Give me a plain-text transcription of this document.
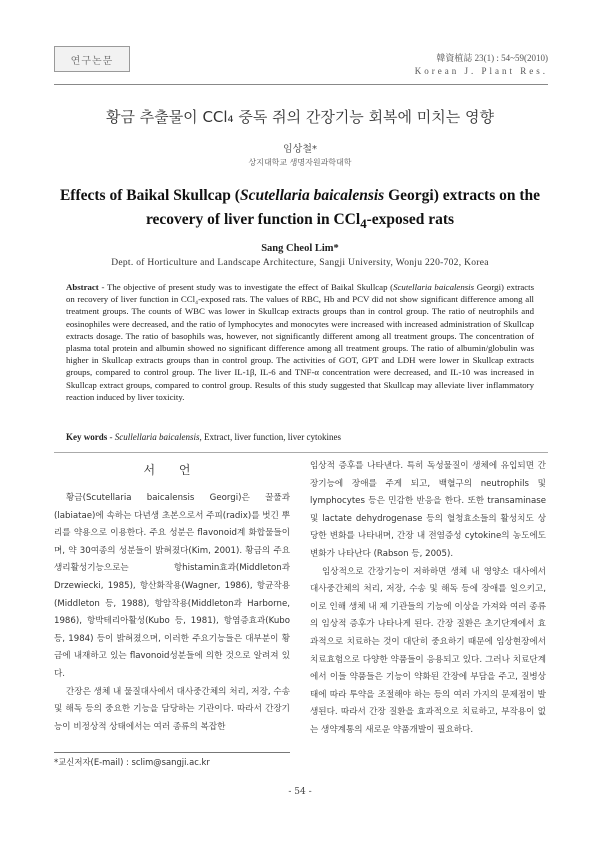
연구논문	韓資植誌 23(1) : 54~59(2010)
Korean J. Plant Res.
황금 추출물이 CCl₄ 중독 쥐의 간장기능 회복에 미치는 영향
임상철*
상지대학교 생명자원과학대학
Effects of Baikal Skullcap (Scutellaria baicalensis Georgi) extracts on the recovery of liver function in CCl$_4$-exposed rats
Sang Cheol Lim*
Dept. of Horticulture and Landscape Architecture, Sangji University, Wonju 220-702, Korea
Abstract - The objective of present study was to investigate the effect of Baikal Skullcap (Scutellaria baicalensis Georgi) extracts on recovery of liver function in CCl₄-exposed rats. The values of RBC, Hb and PCV did not show significant difference among all treatment groups. The counts of WBC was lower in Skullcap extracts groups than in control group. The ratio of neutrophils and eosinophiles were decreased, and the ratio of lymphocytes and monocytes were increased with increased administration of Skullcap extracts dosage. The ratio of basophils was, however, not significantly different among all treatment groups. The concentration of plasma total protein and albumin showed no significant difference among all treatment groups. The ratio of albumin/globulin was higher in Skullcap extracts groups than in control group. The activities of GOT, GPT and LDH were lower in Skullcap extracts groups, compared to control group. The liver IL-1β, IL-6 and TNF-α concentration were decreased, and IL-10 was increased in Skullcap extract groups, compared to control group. Results of this study suggested that Skullcap may alleviate liver inflammatory reaction induced by liver toxicity.
Key words - Scullellaria baicalensis, Extract, liver function, liver cytokines
서 언

황금(Scutellaria baicalensis Georgi)은 꿀풀과(labiatae)에 속하는 다년생 초본으로서 주피(radix)를 벗긴 뿌리를 약용으로 이용한다. 주요 성분은 flavonoid계 화합물들이며, 약 30여종의 성분들이 밝혀졌다(Kim, 2001). 황금의 주요 생리활성기능으로는 항histamin효과(Middleton과 Drzewiecki, 1985), 항산화작용(Wagner, 1986), 항균작용(Middleton 등, 1988), 항암작용(Middleton과 Harborne, 1986), 항박테리아활성(Kubo 등, 1981), 항염증효과(Kubo 등, 1984) 등이 밝혀졌으며, 이러한 주요기능들은 대부분이 황금에 내재하고 있는 flavonoid성분들에 의한 것으로 알려져 있다.

간장은 생체 내 물질대사에서 대사중간체의 처리, 저장, 수송 및 해독 등의 중요한 기능을 담당하는 기관이다. 따라서 간장기능이 비정상적 상태에서는 여러 종류의 복잡한

임상적 증후를 나타낸다. 특히 독성물질이 생체에 유입되면 간장기능에 장애를 주게 되고, 백혈구의 neutrophils 및 lymphocytes 등은 민감한 반응을 한다. 또한 transaminase 및 lactate dehydrogenase 등의 혈청효소들의 활성치도 상당한 변화를 나타내며, 간장 내 전염증성 cytokine의 농도에도 변화가 나타난다 (Rabson 등, 2005).

임상적으로 간장기능이 저하하면 생체 내 영양소 대사에서 대사중간체의 처리, 저장, 수송 및 해독 등에 장애를 일으키고, 이로 인해 생체 내 제 기관들의 기능에 이상을 가져와 여러 종류의 임상적 증후가 나타나게 된다. 간장 질환은 초기단계에서 효과적으로 치료하는 것이 대단히 중요하기 때문에 임상현장에서 치료효험으로 다양한 약품들이 응용되고 있다. 그러나 치료단계에서 이들 약품들은 기능이 약화된 간장에 부담을 주고, 질병상태에 따라 투약을 조절해야 하는 등의 여러 가지의 문제점이 발생된다. 따라서 간장 질환을 효과적으로 치료하고, 부작용이 없는 생약계통의 새로운 약품개발이 필요하다.

*교신저자(E-mail) : sclim@sangji.ac.kr
- 54 -
